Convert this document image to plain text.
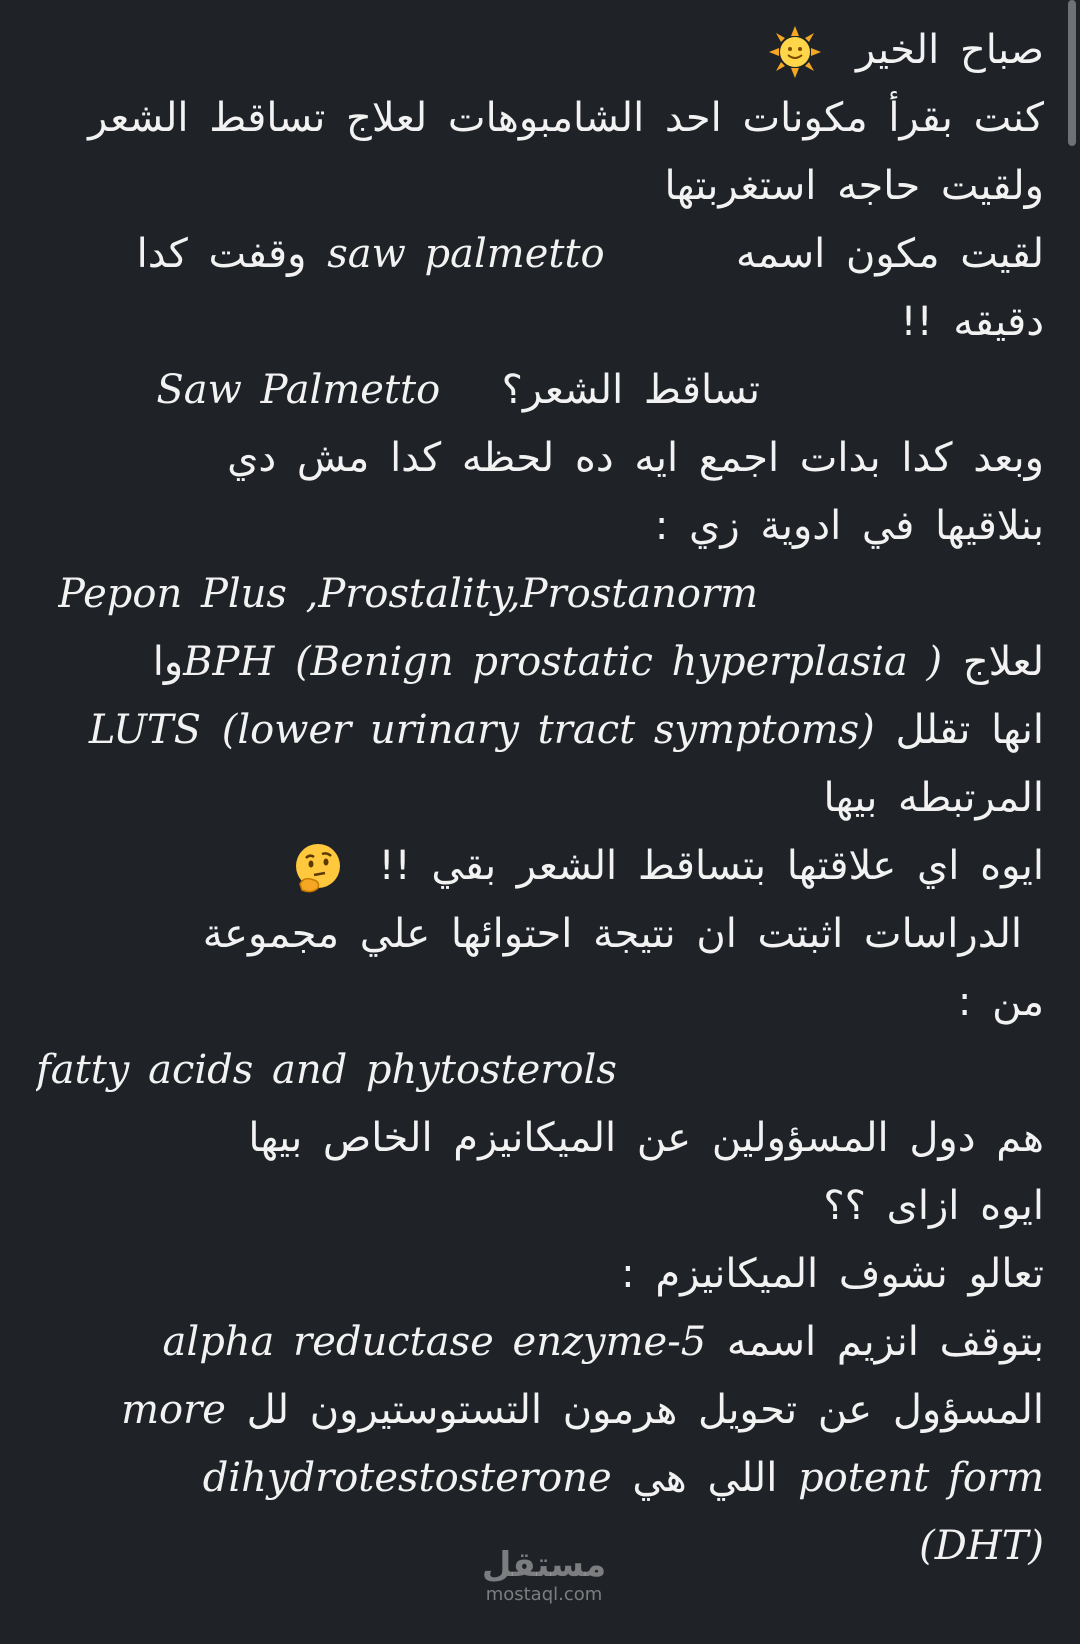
صباح الخير
كنت بقرأ مكونات احد الشامبوهات لعلاج تساقط الشعر
ولقيت حاجه استغربتها
لقيت مكون اسمه  saw palmetto وقفت كدا
دقيقه !!
تساقط الشعر؟  Saw Palmetto
وبعد كدا بدات اجمع ايه ده لحظه كدا مش دي
بنلاقيها في ادوية زي :
Pepon Plus ,Prostality,Prostanorm
لعلاج (Benign prostatic hyperplasia ) BPHوا
انها تقلل (lower urinary tract symptoms) LUTS
المرتبطه بيها
ايوه اي علاقتها بتساقط الشعر بقي !!
الدراسات اثبتت ان نتيجة احتوائها علي مجموعة
من :
fatty acids and phytosterols
هم دول المسؤولين عن الميكانيزم الخاص بيها
ايوه ازاى ؟؟
تعالو نشوف الميكانيزم :
بتوقف انزيم اسمه alpha reductase enzyme-5
المسؤول عن تحويل هرمون التستوستيرون لل more
potent form اللي هي dihydrotestosterone
(DHT)
مستقل
mostaql.com
